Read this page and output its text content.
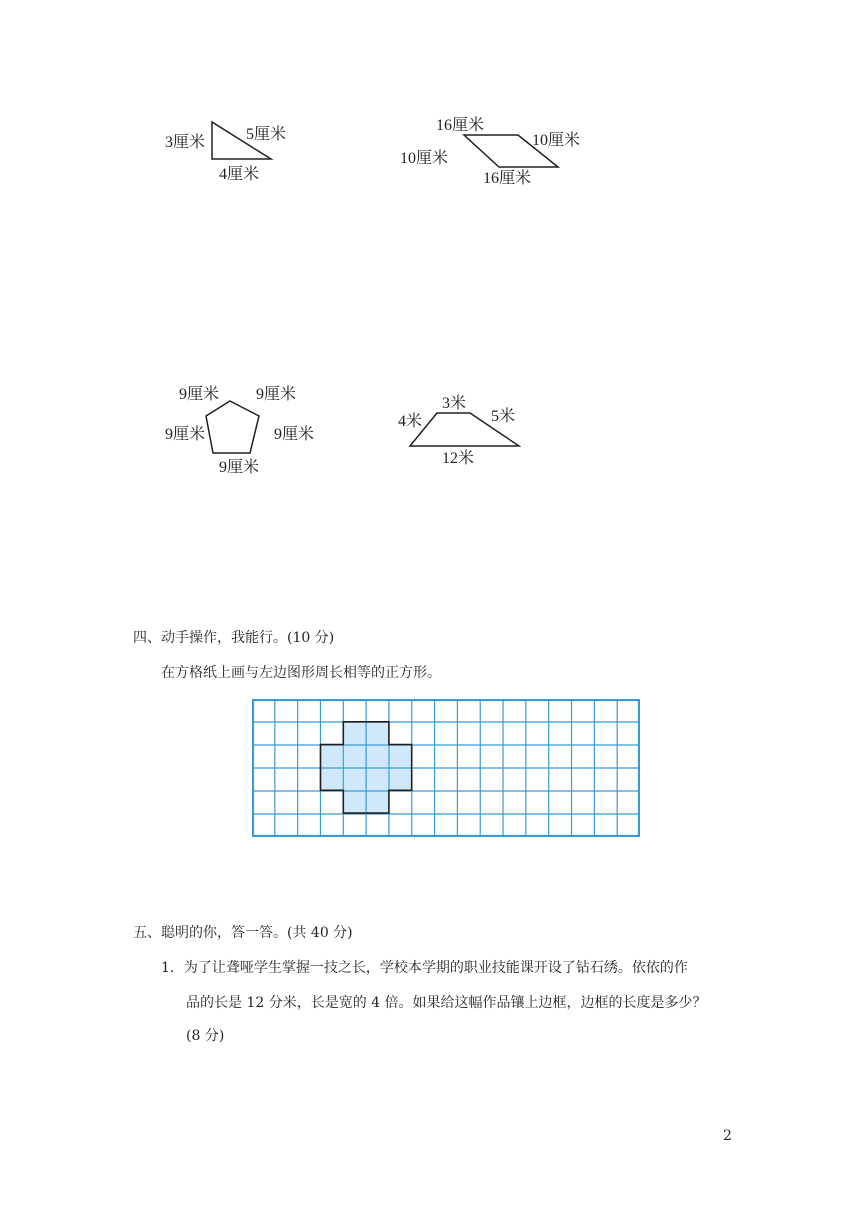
3厘米	5厘米
4厘米
16厘米
10厘米
10厘米
16厘米
9厘米 9厘米
9厘米	9厘米
9厘米
3米
4米	5米
12米
四、动手操作，我能行。(10 分)
在方格纸上画与左边图形周长相等的正方形。
五、聪明的你，答一答。(共 40 分)
1．为了让聋哑学生掌握一技之长，学校本学期的职业技能课开设了钻石绣。依依的作
品的长是 12 分米，长是宽的 4 倍。如果给这幅作品镶上边框，边框的长度是多少？
(8 分)
2
